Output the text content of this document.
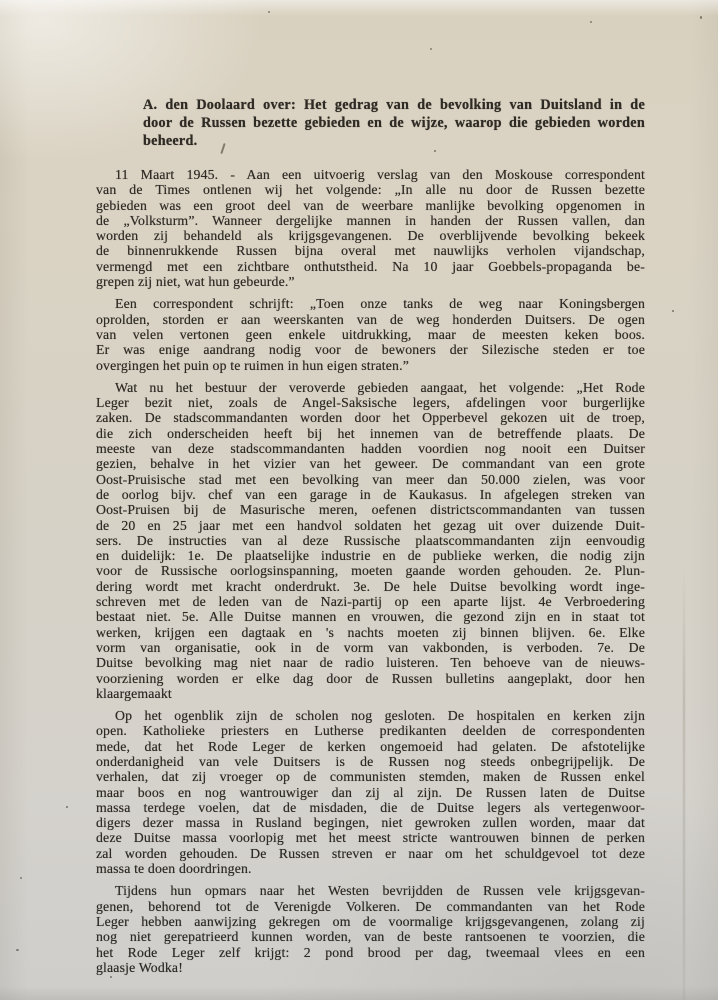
A. den Doolaard over: Het gedrag van de bevolking van Duitsland in de
door de Russen bezette gebieden en de wijze, waarop die gebieden worden
beheerd.
11 Maart 1945. - Aan een uitvoerig verslag van den Moskouse correspondent
van de Times ontlenen wij het volgende: „In alle nu door de Russen bezette
gebieden was een groot deel van de weerbare manlijke bevolking opgenomen in
de „Volksturm”. Wanneer dergelijke mannen in handen der Russen vallen, dan
worden zij behandeld als krijgsgevangenen. De overblijvende bevolking bekeek
de binnenrukkende Russen bijna overal met nauwlijks verholen vijandschap,
vermengd met een zichtbare onthutstheid. Na 10 jaar Goebbels-propaganda be-
grepen zij niet, wat hun gebeurde.”
Een correspondent schrijft: „Toen onze tanks de weg naar Koningsbergen
oprolden, storden er aan weerskanten van de weg honderden Duitsers. De ogen
van velen vertonen geen enkele uitdrukking, maar de meesten keken boos.
Er was enige aandrang nodig voor de bewoners der Silezische steden er toe
overgingen het puin op te ruimen in hun eigen straten.”
Wat nu het bestuur der veroverde gebieden aangaat, het volgende: „Het Rode
Leger bezit niet, zoals de Angel-Saksische legers, afdelingen voor burgerlijke
zaken. De stadscommandanten worden door het Opperbevel gekozen uit de troep,
die zich onderscheiden heeft bij het innemen van de betreffende plaats. De
meeste van deze stadscommandanten hadden voordien nog nooit een Duitser
gezien, behalve in het vizier van het geweer. De commandant van een grote
Oost-Pruisische stad met een bevolking van meer dan 50.000 zielen, was voor
de oorlog bijv. chef van een garage in de Kaukasus. In afgelegen streken van
Oost-Pruisen bij de Masurische meren, oefenen districtscommandanten van tussen
de 20 en 25 jaar met een handvol soldaten het gezag uit over duizende Duit-
sers. De instructies van al deze Russische plaatscommandanten zijn eenvoudig
en duidelijk: 1e. De plaatselijke industrie en de publieke werken, die nodig zijn
voor de Russische oorlogsinspanning, moeten gaande worden gehouden. 2e. Plun-
dering wordt met kracht onderdrukt. 3e. De hele Duitse bevolking wordt inge-
schreven met de leden van de Nazi-partij op een aparte lijst. 4e Verbroedering
bestaat niet. 5e. Alle Duitse mannen en vrouwen, die gezond zijn en in staat tot
werken, krijgen een dagtaak en 's nachts moeten zij binnen blijven. 6e. Elke
vorm van organisatie, ook in de vorm van vakbonden, is verboden. 7e. De
Duitse bevolking mag niet naar de radio luisteren. Ten behoeve van de nieuws-
voorziening worden er elke dag door de Russen bulletins aangeplakt, door hen
klaargemaakt
Op het ogenblik zijn de scholen nog gesloten. De hospitalen en kerken zijn
open. Katholieke priesters en Lutherse predikanten deelden de correspondenten
mede, dat het Rode Leger de kerken ongemoeid had gelaten. De afstotelijke
onderdanigheid van vele Duitsers is de Russen nog steeds onbegrijpelijk. De
verhalen, dat zij vroeger op de communisten stemden, maken de Russen enkel
maar boos en nog wantrouwiger dan zij al zijn. De Russen laten de Duitse
massa terdege voelen, dat de misdaden, die de Duitse legers als vertegenwoor-
digers dezer massa in Rusland begingen, niet gewroken zullen worden, maar dat
deze Duitse massa voorlopig met het meest stricte wantrouwen binnen de perken
zal worden gehouden. De Russen streven er naar om het schuldgevoel tot deze
massa te doen doordringen.
Tijdens hun opmars naar het Westen bevrijdden de Russen vele krijgsgevan-
genen, behorend tot de Verenigde Volkeren. De commandanten van het Rode
Leger hebben aanwijzing gekregen om de voormalige krijgsgevangenen, zolang zij
nog niet gerepatrieerd kunnen worden, van de beste rantsoenen te voorzien, die
het Rode Leger zelf krijgt: 2 pond brood per dag, tweemaal vlees en een
glaasje Wodka!
